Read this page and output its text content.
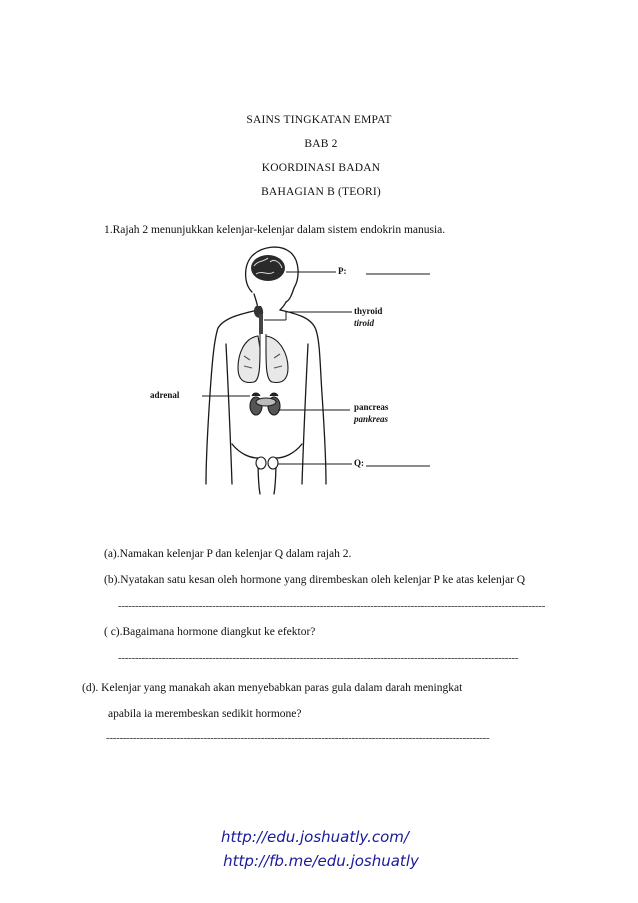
SAINS TINGKATAN EMPAT
BAB 2
KOORDINASI BADAN
BAHAGIAN B (TEORI)
1.Rajah 2 menunjukkan kelenjar-kelenjar dalam sistem endokrin manusia.
P:
thyroid
tiroid
adrenal
pancreas
pankreas
Q:
(a).Namakan kelenjar P dan kelenjar Q dalam rajah 2.
(b).Nyatakan satu kesan oleh hormone yang dirembeskan oleh kelenjar P ke atas kelenjar Q
-------------------------------------------------------------------------------------------------------------------------------
( c).Bagaimana hormone diangkut ke efektor?
-----------------------------------------------------------------------------------------------------------------------
(d). Kelenjar yang manakah akan menyebabkan paras gula dalam darah meningkat
apabila ia merembeskan sedikit hormone?
------------------------------------------------------------------------------------------------------------------
http://edu.joshuatly.com/
http://fb.me/edu.joshuatly
